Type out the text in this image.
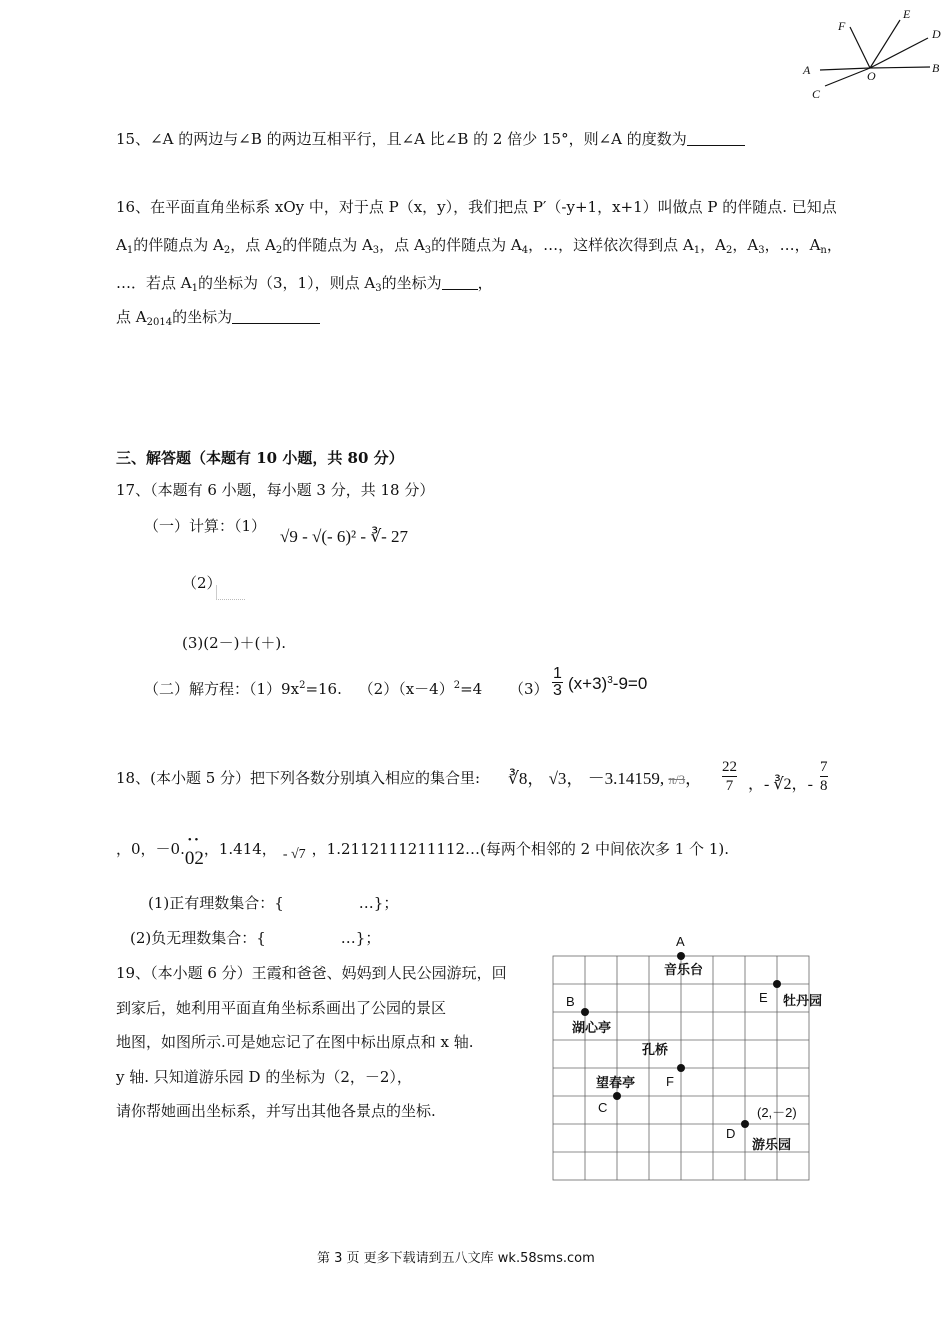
F
E
D
A	O
B
C
15、∠A 的两边与∠B 的两边互相平行，且∠A 比∠B 的 2 倍少 15°，则∠A 的度数为
16、在平面直角坐标系 xOy 中，对于点 P（x，y），我们把点 P′（-y+1，x+1）叫做点 P 的伴随点. 已知点
$A_1$的伴随点为 $A_2$，点 $A_2$的伴随点为 $A_3$，点 $A_3$的伴随点为 $A_4$，…，这样依次得到点 $A_1$，$A_2$，$A_3$，…，$A_n$，
…．若点 $A_1$的坐标为（3，1），则点 $A_3$的坐标为 ，
点 $A_{2014}$的坐标为
三、解答题（本题有 10 小题，共 80 分）
17、（本题有 6 小题，每小题 3 分，共 18 分）
（一）计算：（1）
√9 - √(- 6)² - ∛- 27
（2）
(3)(2－)＋(＋).
（二）解方程：$(1)9x^2=16$. $(2)(x-4)^2=4$ （3）
1
3 $(x+3)^3-9=0$
18、(本小题 5 分）把下列各数分别填入相应的集合里: ∛8， √3， －3.14159, π/3，
22
7 ，- ∛2，-
7
8
，0，－0. • •
02，1.414， - √7 ，1.2112111211112…(每两个相邻的 2 中间依次多 1 个 1).
(1)正有理数集合：{　　　　　…}；
(2)负无理数集合：{　　　　　…}；
19、（本小题 6 分）王霞和爸爸、妈妈到人民公园游玩，回
到家后，她利用平面直角坐标系画出了公园的景区
地图，如图所示.可是她忘记了在图中标出原点和 x 轴.
y 轴. 只知道游乐园 D 的坐标为（2，－2），
请你帮她画出坐标系，并写出其他各景点的坐标.
A
E
B
F
C
D
(2,－2)
音乐台
牡丹园
湖心亭
孔桥
望春亭
游乐园
第 3 页 更多下载请到五八文库 wk.58sms.com
